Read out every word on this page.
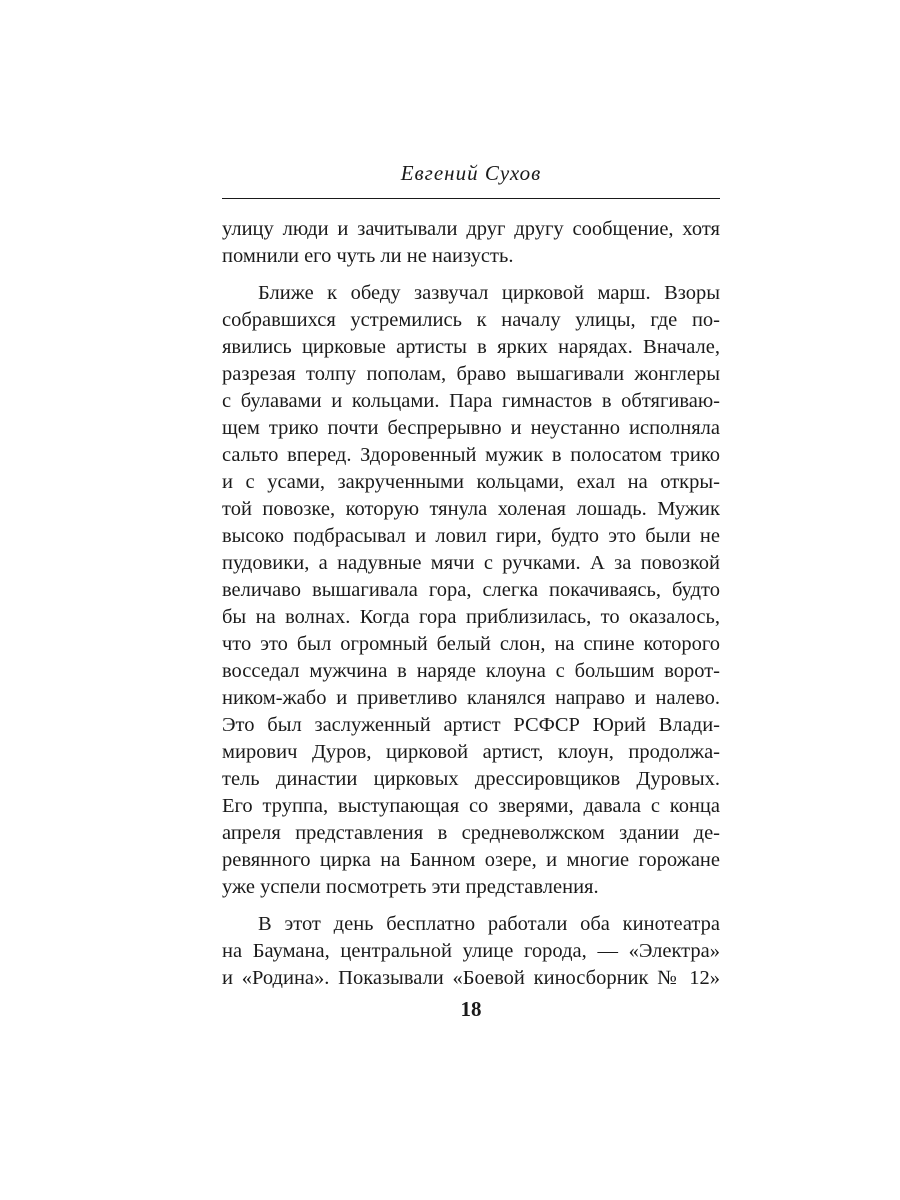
Евгений Сухов
улицу люди и зачитывали друг другу сообщение, хотя
помнили его чуть ли не наизусть.
Ближе к обеду зазвучал цирковой марш. Взоры
собравшихся устремились к началу улицы, где по-
явились цирковые артисты в ярких нарядах. Вначале,
разрезая толпу пополам, браво вышагивали жонглеры
с булавами и кольцами. Пара гимнастов в обтягиваю-
щем трико почти беспрерывно и неустанно исполняла
сальто вперед. Здоровенный мужик в полосатом трико
и с усами, закрученными кольцами, ехал на откры-
той повозке, которую тянула холеная лошадь. Мужик
высоко подбрасывал и ловил гири, будто это были не
пудовики, а надувные мячи с ручками. А за повозкой
величаво вышагивала гора, слегка покачиваясь, будто
бы на волнах. Когда гора приблизилась, то оказалось,
что это был огромный белый слон, на спине которого
восседал мужчина в наряде клоуна с большим ворот-
ником-жабо и приветливо кланялся направо и налево.
Это был заслуженный артист РСФСР Юрий Влади-
мирович Дуров, цирковой артист, клоун, продолжа-
тель династии цирковых дрессировщиков Дуровых.
Его труппа, выступающая со зверями, давала с конца
апреля представления в средневолжском здании де-
ревянного цирка на Банном озере, и многие горожане
уже успели посмотреть эти представления.
В этот день бесплатно работали оба кинотеатра
на Баумана, центральной улице города, — «Электра»
и «Родина». Показывали «Боевой киносборник № 12»
18
